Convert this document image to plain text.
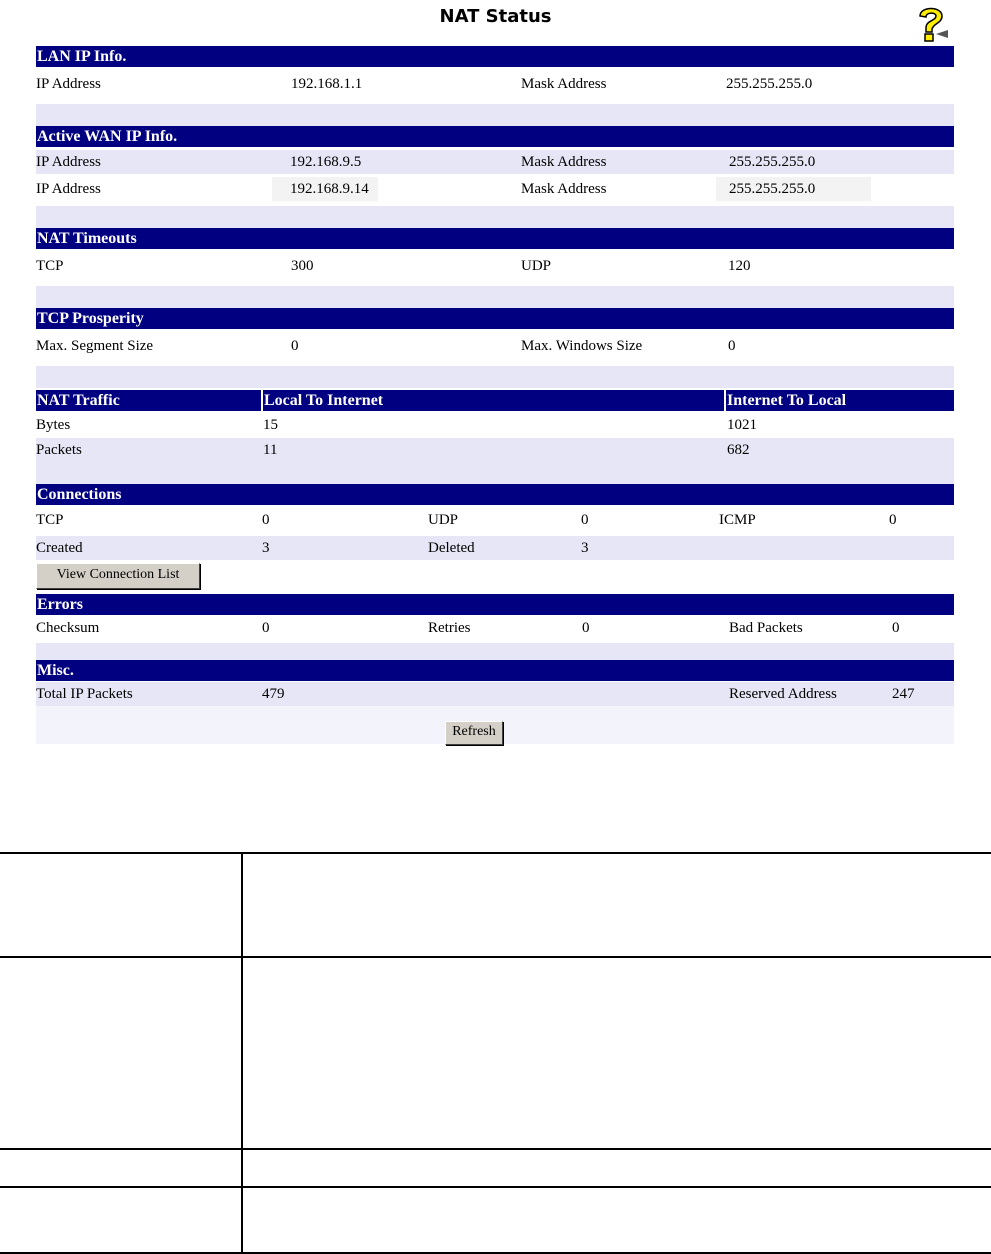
NAT Status
LAN IP Info.
IP Address	192.168.1.1	Mask Address	255.255.255.0
Active WAN IP Info.
IP Address	192.168.9.5	Mask Address	255.255.255.0
IP Address	192.168.9.14	Mask Address	255.255.255.0
NAT Timeouts
TCP	300	UDP	120
TCP Prosperity
Max. Segment Size	0	Max. Windows Size	0
NAT Traffic	Local To Internet	Internet To Local
Bytes	15	1021
Packets	11	682
Connections
TCP	0	UDP	0	ICMP	0
Created	3	Deleted	3
View Connection List
Errors
Checksum	0	Retries	0	Bad Packets	0
Misc.
Total IP Packets	479	Reserved Address	247
Refresh
